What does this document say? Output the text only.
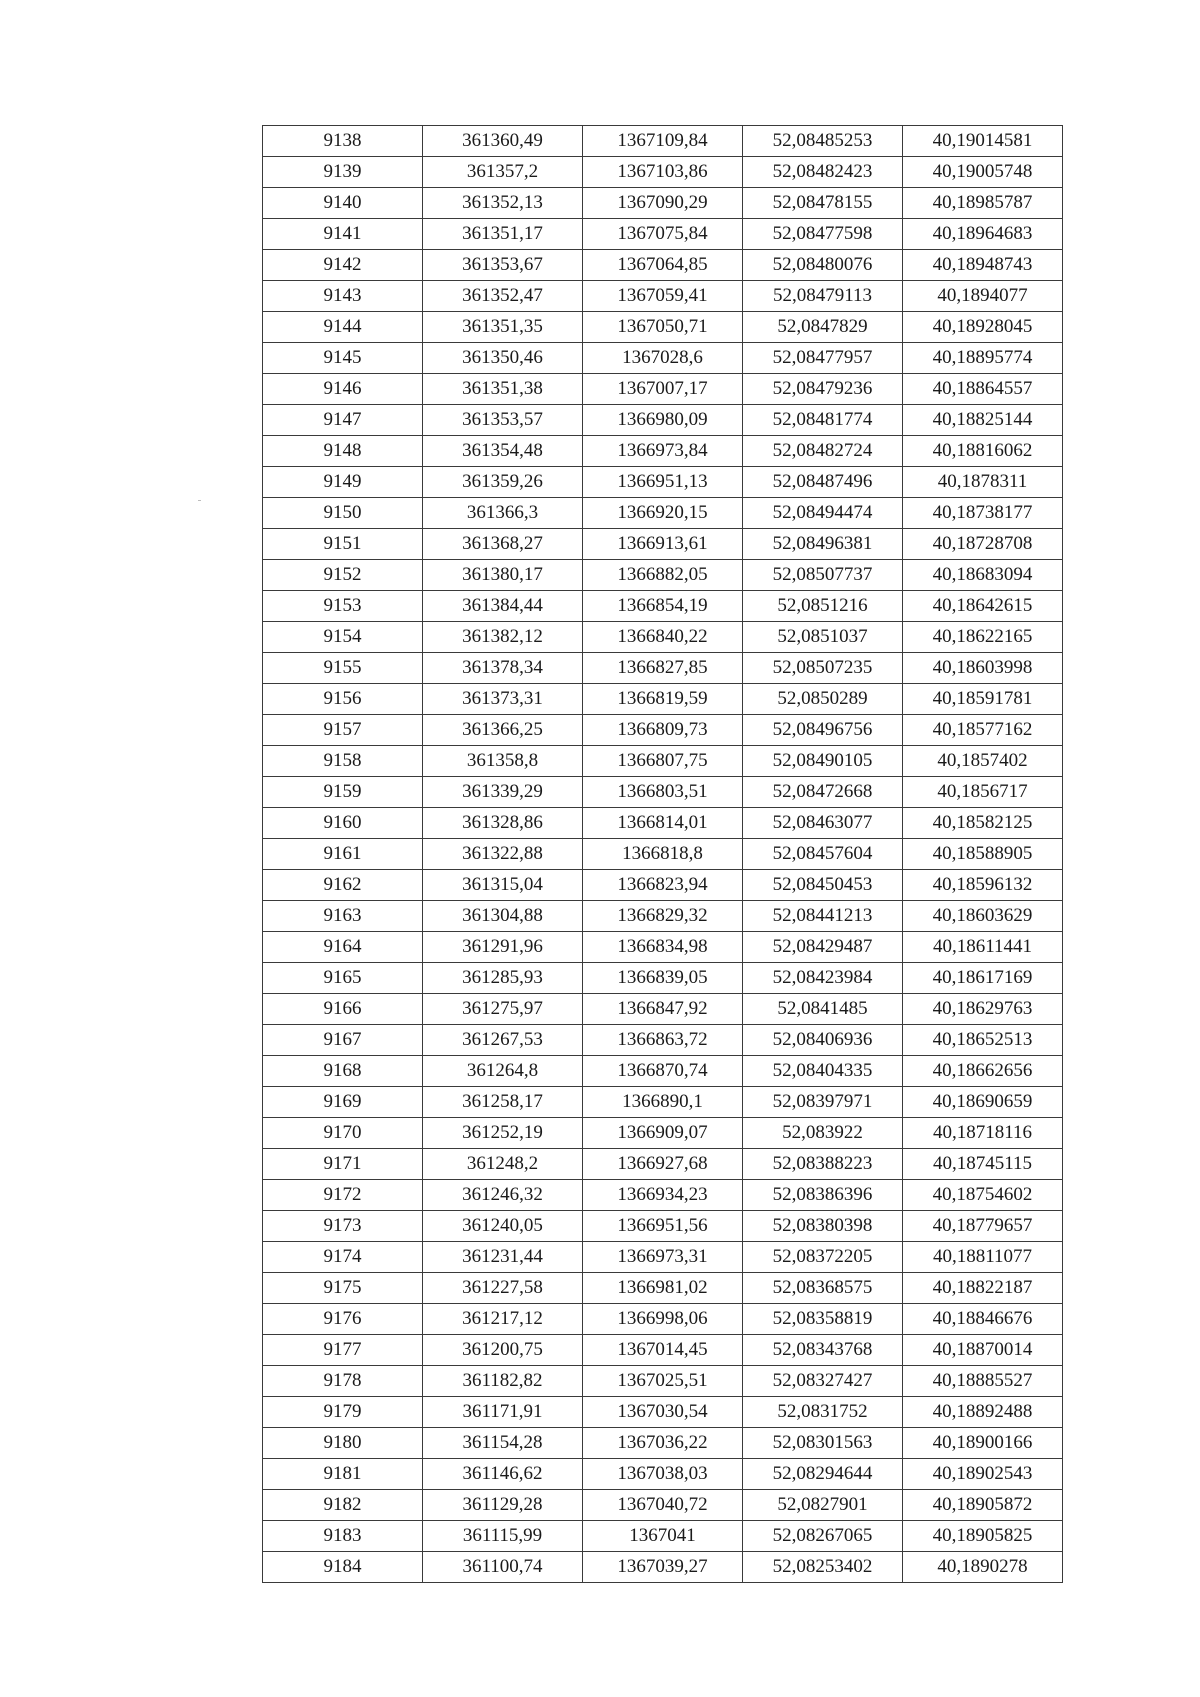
9138	361360,49	1367109,84	52,08485253	40,19014581
9139	361357,2	1367103,86	52,08482423	40,19005748
9140	361352,13	1367090,29	52,08478155	40,18985787
9141	361351,17	1367075,84	52,08477598	40,18964683
9142	361353,67	1367064,85	52,08480076	40,18948743
9143	361352,47	1367059,41	52,08479113	40,1894077
9144	361351,35	1367050,71	52,0847829	40,18928045
9145	361350,46	1367028,6	52,08477957	40,18895774
9146	361351,38	1367007,17	52,08479236	40,18864557
9147	361353,57	1366980,09	52,08481774	40,18825144
9148	361354,48	1366973,84	52,08482724	40,18816062
9149	361359,26	1366951,13	52,08487496	40,1878311
9150	361366,3	1366920,15	52,08494474	40,18738177
9151	361368,27	1366913,61	52,08496381	40,18728708
9152	361380,17	1366882,05	52,08507737	40,18683094
9153	361384,44	1366854,19	52,0851216	40,18642615
9154	361382,12	1366840,22	52,0851037	40,18622165
9155	361378,34	1366827,85	52,08507235	40,18603998
9156	361373,31	1366819,59	52,0850289	40,18591781
9157	361366,25	1366809,73	52,08496756	40,18577162
9158	361358,8	1366807,75	52,08490105	40,1857402
9159	361339,29	1366803,51	52,08472668	40,1856717
9160	361328,86	1366814,01	52,08463077	40,18582125
9161	361322,88	1366818,8	52,08457604	40,18588905
9162	361315,04	1366823,94	52,08450453	40,18596132
9163	361304,88	1366829,32	52,08441213	40,18603629
9164	361291,96	1366834,98	52,08429487	40,18611441
9165	361285,93	1366839,05	52,08423984	40,18617169
9166	361275,97	1366847,92	52,0841485	40,18629763
9167	361267,53	1366863,72	52,08406936	40,18652513
9168	361264,8	1366870,74	52,08404335	40,18662656
9169	361258,17	1366890,1	52,08397971	40,18690659
9170	361252,19	1366909,07	52,083922	40,18718116
9171	361248,2	1366927,68	52,08388223	40,18745115
9172	361246,32	1366934,23	52,08386396	40,18754602
9173	361240,05	1366951,56	52,08380398	40,18779657
9174	361231,44	1366973,31	52,08372205	40,18811077
9175	361227,58	1366981,02	52,08368575	40,18822187
9176	361217,12	1366998,06	52,08358819	40,18846676
9177	361200,75	1367014,45	52,08343768	40,18870014
9178	361182,82	1367025,51	52,08327427	40,18885527
9179	361171,91	1367030,54	52,0831752	40,18892488
9180	361154,28	1367036,22	52,08301563	40,18900166
9181	361146,62	1367038,03	52,08294644	40,18902543
9182	361129,28	1367040,72	52,0827901	40,18905872
9183	361115,99	1367041	52,08267065	40,18905825
9184	361100,74	1367039,27	52,08253402	40,1890278
